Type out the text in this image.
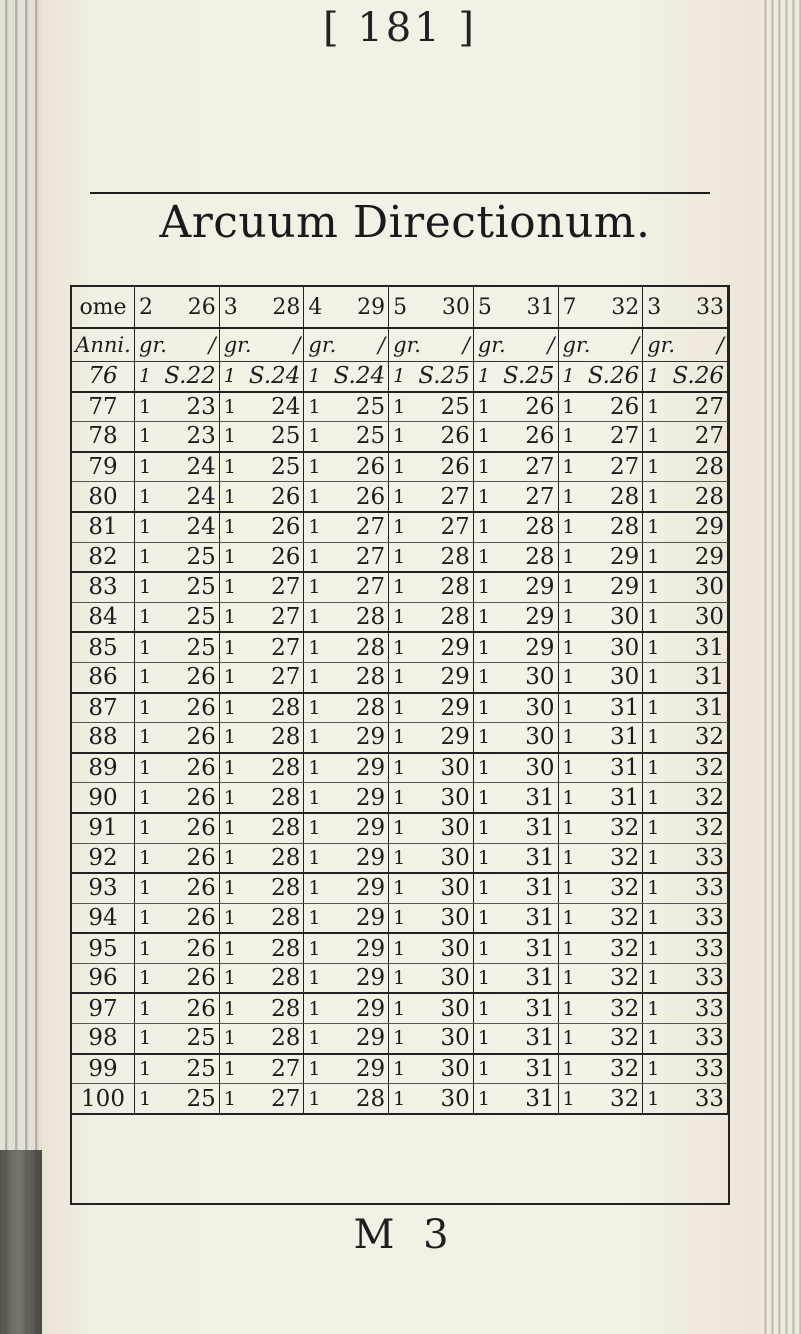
[ 181 ]
Arcuum Directionum.
ome	2	26	3	28	4	29	5	30	5	31	7	32	3	33
Anni.	gr.	/	gr.	/	gr.	/	gr.	/	gr.	/	gr.	/	gr.	/
76	1	S.22	1	S.24	1	S.24	1	S.25	1	S.25	1	S.26	1	S.26
77	1	23	1	24	1	25	1	25	1	26	1	26	1	27
78	1	23	1	25	1	25	1	26	1	26	1	27	1	27
79	1	24	1	25	1	26	1	26	1	27	1	27	1	28
80	1	24	1	26	1	26	1	27	1	27	1	28	1	28
81	1	24	1	26	1	27	1	27	1	28	1	28	1	29
82	1	25	1	26	1	27	1	28	1	28	1	29	1	29
83	1	25	1	27	1	27	1	28	1	29	1	29	1	30
84	1	25	1	27	1	28	1	28	1	29	1	30	1	30
85	1	25	1	27	1	28	1	29	1	29	1	30	1	31
86	1	26	1	27	1	28	1	29	1	30	1	30	1	31
87	1	26	1	28	1	28	1	29	1	30	1	31	1	31
88	1	26	1	28	1	29	1	29	1	30	1	31	1	32
89	1	26	1	28	1	29	1	30	1	30	1	31	1	32
90	1	26	1	28	1	29	1	30	1	31	1	31	1	32
91	1	26	1	28	1	29	1	30	1	31	1	32	1	32
92	1	26	1	28	1	29	1	30	1	31	1	32	1	33
93	1	26	1	28	1	29	1	30	1	31	1	32	1	33
94	1	26	1	28	1	29	1	30	1	31	1	32	1	33
95	1	26	1	28	1	29	1	30	1	31	1	32	1	33
96	1	26	1	28	1	29	1	30	1	31	1	32	1	33
97	1	26	1	28	1	29	1	30	1	31	1	32	1	33
98	1	25	1	28	1	29	1	30	1	31	1	32	1	33
99	1	25	1	27	1	29	1	30	1	31	1	32	1	33
100	1	25	1	27	1	28	1	30	1	31	1	32	1	33
M 3
